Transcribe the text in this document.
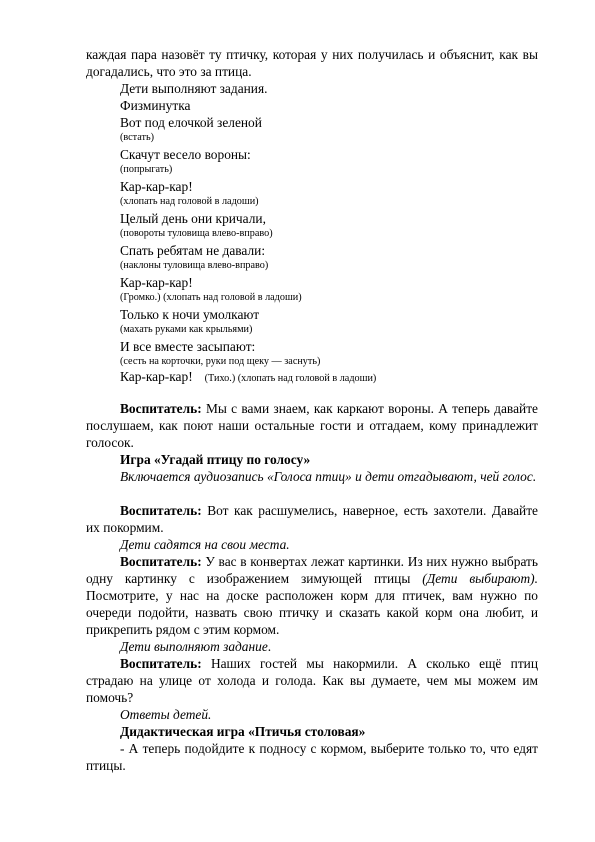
каждая пара назовёт ту птичку, которая у них получилась и объяснит, как вы догадались, что это за птица.

Дети выполняют задания.
Физминутка
Вот под елочкой зеленой
(встать)
Скачут весело вороны:
(попрыгать)
Кар-кар-кар!
(хлопать над головой в ладоши)
Целый день они кричали,
(повороты туловища влево-вправо)
Спать ребятам не давали:
(наклоны туловища влево-вправо)
Кар-кар-кар!
(Громко.) (хлопать над головой в ладоши)
Только к ночи умолкают
(махать руками как крыльями)
И все вместе засыпают:
(сесть на корточки, руки под щеку — заснуть)
Кар-кар-кар! (Тихо.) (хлопать над головой в ладоши)

Воспитатель: Мы с вами знаем, как каркают вороны. А теперь давайте послушаем, как поют наши остальные гости и отгадаем, кому принадлежит голосок.

Игра «Угадай птицу по голосу»

Включается аудиозапись «Голоса птиц» и дети отгадывают, чей голос.

Воспитатель: Вот как расшумелись, наверное, есть захотели. Давайте их покормим.

Дети садятся на свои места.

Воспитатель: У вас в конвертах лежат картинки. Из них нужно выбрать одну картинку с изображением зимующей птицы (Дети выбирают). Посмотрите, у нас на доске расположен корм для птичек, вам нужно по очереди подойти, назвать свою птичку и сказать какой корм она любит, и прикрепить рядом с этим кормом.

Дети выполняют задание.

Воспитатель: Наших гостей мы накормили. А сколько ещё птиц страдаю на улице от холода и голода. Как вы думаете, чем мы можем им помочь?

Ответы детей.
Дидактическая игра «Птичья столовая»

- А теперь подойдите к подносу с кормом, выберите только то, что едят птицы.
